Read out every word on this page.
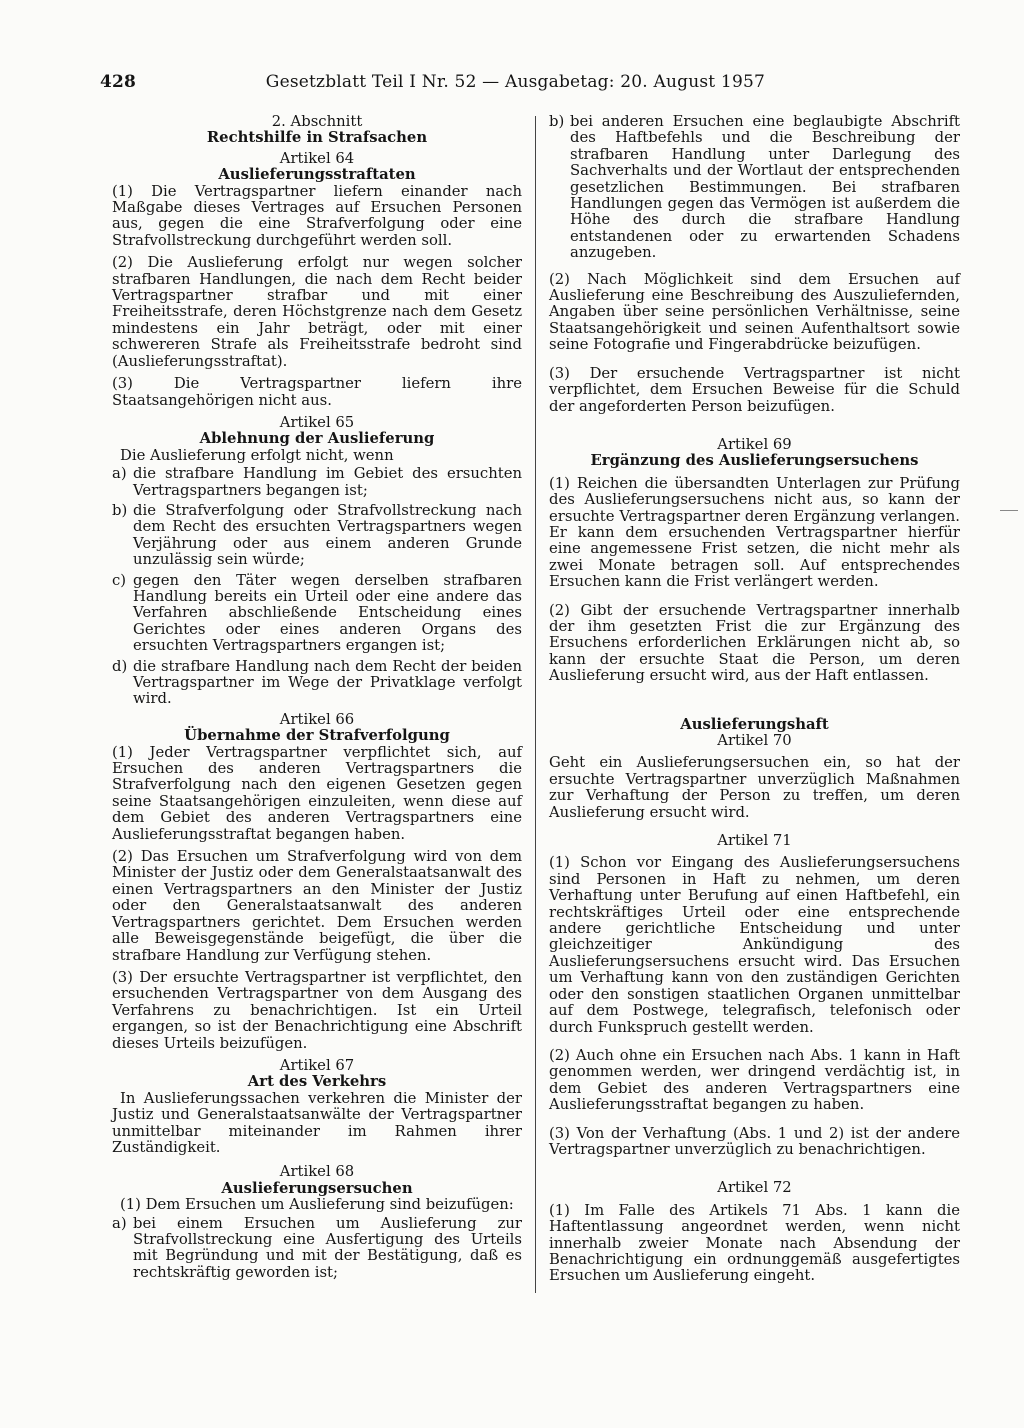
428	Gesetzblatt Teil I Nr. 52 — Ausgabetag: 20. August 1957
2. Abschnitt
Rechtshilfe in Strafsachen
Artikel 64
Auslieferungsstraftaten

(1) Die Vertragspartner liefern einander nach Maßgabe dieses Vertrages auf Ersuchen Personen aus, gegen die eine Strafverfolgung oder eine Strafvollstreckung durchgeführt werden soll.

(2) Die Auslieferung erfolgt nur wegen solcher strafbaren Handlungen, die nach dem Recht beider Vertragspartner strafbar und mit einer Freiheitsstrafe, deren Höchstgrenze nach dem Gesetz mindestens ein Jahr beträgt, oder mit einer schwereren Strafe als Freiheitsstrafe bedroht sind (Auslieferungsstraftat).

(3) Die Vertragspartner liefern ihre Staatsangehörigen nicht aus.

Artikel 65
Ablehnung der Auslieferung

Die Auslieferung erfolgt nicht, wenn

a) die strafbare Handlung im Gebiet des ersuchten Vertragspartners begangen ist;
b) die Strafverfolgung oder Strafvollstreckung nach dem Recht des ersuchten Vertragspartners wegen Verjährung oder aus einem anderen Grunde unzulässig sein würde;
c) gegen den Täter wegen derselben strafbaren Handlung bereits ein Urteil oder eine andere das Verfahren abschließende Entscheidung eines Gerichtes oder eines anderen Organs des ersuchten Vertragspartners ergangen ist;
d) die strafbare Handlung nach dem Recht der beiden Vertragspartner im Wege der Privatklage verfolgt wird.
Artikel 66
Übernahme der Strafverfolgung

(1) Jeder Vertragspartner verpflichtet sich, auf Ersuchen des anderen Vertragspartners die Strafverfolgung nach den eigenen Gesetzen gegen seine Staatsangehörigen einzuleiten, wenn diese auf dem Gebiet des anderen Vertragspartners eine Auslieferungsstraftat begangen haben.

(2) Das Ersuchen um Strafverfolgung wird von dem Minister der Justiz oder dem Generalstaatsanwalt des einen Vertragspartners an den Minister der Justiz oder den Generalstaatsanwalt des anderen Vertragspartners gerichtet. Dem Ersuchen werden alle Beweisgegenstände beigefügt, die über die strafbare Handlung zur Verfügung stehen.

(3) Der ersuchte Vertragspartner ist verpflichtet, den ersuchenden Vertragspartner von dem Ausgang des Verfahrens zu benachrichtigen. Ist ein Urteil ergangen, so ist der Benachrichtigung eine Abschrift dieses Urteils beizufügen.

Artikel 67
Art des Verkehrs

In Auslieferungssachen verkehren die Minister der Justiz und Generalstaatsanwälte der Vertragspartner unmittelbar miteinander im Rahmen ihrer Zuständigkeit.

Artikel 68
Auslieferungsersuchen

(1) Dem Ersuchen um Auslieferung sind beizufügen:

a) bei einem Ersuchen um Auslieferung zur Strafvollstreckung eine Ausfertigung des Urteils mit Begründung und mit der Bestätigung, daß es rechtskräftig geworden ist;
b) bei anderen Ersuchen eine beglaubigte Abschrift des Haftbefehls und die Beschreibung der strafbaren Handlung unter Darlegung des Sachverhalts und der Wortlaut der entsprechenden gesetzlichen Bestimmungen. Bei strafbaren Handlungen gegen das Vermögen ist außerdem die Höhe des durch die strafbare Handlung entstandenen oder zu erwartenden Schadens anzugeben.

(2) Nach Möglichkeit sind dem Ersuchen auf Auslieferung eine Beschreibung des Auszuliefernden, Angaben über seine persönlichen Verhältnisse, seine Staatsangehörigkeit und seinen Aufenthaltsort sowie seine Fotografie und Fingerabdrücke beizufügen.

(3) Der ersuchende Vertragspartner ist nicht verpflichtet, dem Ersuchen Beweise für die Schuld der angeforderten Person beizufügen.

Artikel 69
Ergänzung des Auslieferungsersuchens

(1) Reichen die übersandten Unterlagen zur Prüfung des Auslieferungsersuchens nicht aus, so kann der ersuchte Vertragspartner deren Ergänzung verlangen. Er kann dem ersuchenden Vertragspartner hierfür eine angemessene Frist setzen, die nicht mehr als zwei Monate betragen soll. Auf entsprechendes Ersuchen kann die Frist verlängert werden.

(2) Gibt der ersuchende Vertragspartner innerhalb der ihm gesetzten Frist die zur Ergänzung des Ersuchens erforderlichen Erklärungen nicht ab, so kann der ersuchte Staat die Person, um deren Auslieferung ersucht wird, aus der Haft entlassen.

Auslieferungshaft
Artikel 70

Geht ein Auslieferungsersuchen ein, so hat der ersuchte Vertragspartner unverzüglich Maßnahmen zur Verhaftung der Person zu treffen, um deren Auslieferung ersucht wird.

Artikel 71

(1) Schon vor Eingang des Auslieferungsersuchens sind Personen in Haft zu nehmen, um deren Verhaftung unter Berufung auf einen Haftbefehl, ein rechtskräftiges Urteil oder eine entsprechende andere gerichtliche Entscheidung und unter gleichzeitiger Ankündigung des Auslieferungsersuchens ersucht wird. Das Ersuchen um Verhaftung kann von den zuständigen Gerichten oder den sonstigen staatlichen Organen unmittelbar auf dem Postwege, telegrafisch, telefonisch oder durch Funkspruch gestellt werden.

(2) Auch ohne ein Ersuchen nach Abs. 1 kann in Haft genommen werden, wer dringend verdächtig ist, in dem Gebiet des anderen Vertragspartners eine Auslieferungsstraftat begangen zu haben.

(3) Von der Verhaftung (Abs. 1 und 2) ist der andere Vertragspartner unverzüglich zu benachrichtigen.

Artikel 72

(1) Im Falle des Artikels 71 Abs. 1 kann die Haftentlassung angeordnet werden, wenn nicht innerhalb zweier Monate nach Absendung der Benachrichtigung ein ordnunggemäß ausgefertigtes Ersuchen um Auslieferung eingeht.
